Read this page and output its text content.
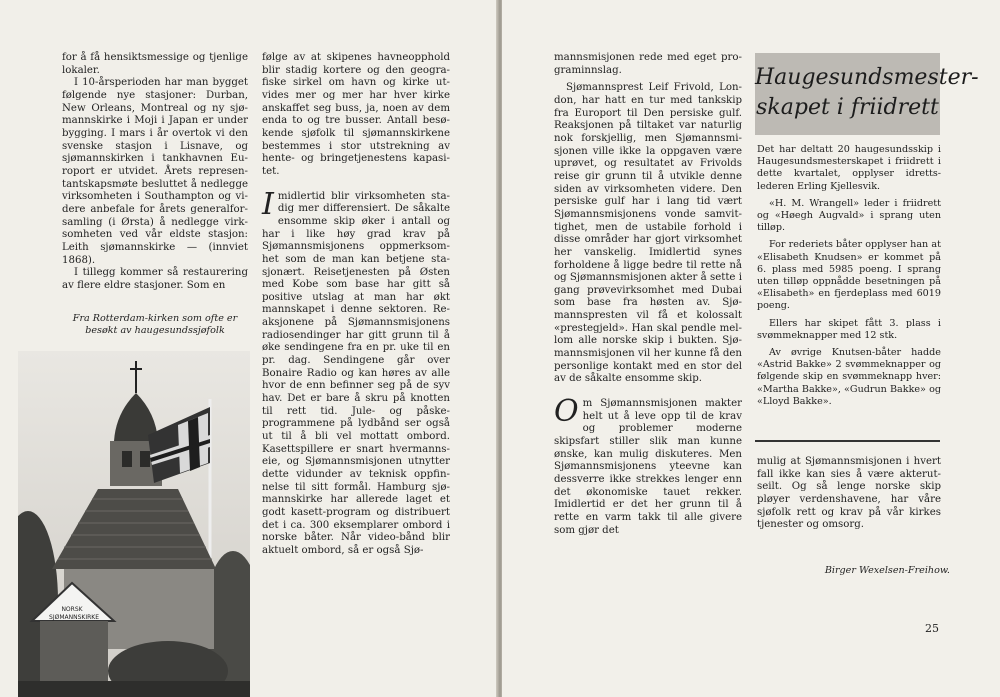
for å få hensiktsmessige og tjenlige lokaler.

I 10-årsperioden har man bygget følgende nye stasjoner: Durban, New Orleans, Montreal og ny sjømannskirke i Moji i Japan er under bygging. I mars i år overtok vi den svenske stasjon i Lisnave, og sjømannskirken i tankhavnen Europort er utvidet. Årets representantskapsmøte besluttet å nedlegge virksomheten i Southampton og videre anbefale for årets generalforsamling (i Ørsta) å nedlegge virksomheten ved vår eldste stasjon: Leith sjømannskirke — (innviet 1868).

I tillegg kommer så restaurering av flere eldre stasjoner. Som en

Fra Rotterdam-kirken som ofte er besøkt av haugesundssjøfolk
NORSK
SJØMANNSKIRKE

følge av at skipenes havneopphold blir stadig kortere og den geografiske sirkel om havn og kirke utvides mer og mer har hver kirke anskaffet seg buss, ja, noen av dem enda to og tre busser. Antall besøkende sjøfolk til sjømannskirkene bestemmes i stor utstrekning av hente- og bringetjenestens kapasitet.

Imidlertid blir virksomheten stadig mer differensiert. De såkalte ensomme skip øker i antall og har i like høy grad krav på Sjømannsmisjonens oppmerksomhet som de man kan betjene stasjonært. Reisetjenesten på Østen med Kobe som base har gitt så positive utslag at man har økt mannskapet i denne sektoren. Reaksjonene på Sjømannsmisjonens radiosendinger har gitt grunn til å øke sendingene fra en pr. uke til en pr. dag. Sendingene går over Bonaire Radio og kan høres av alle hvor de enn befinner seg på de syv hav. Det er bare å skru på knotten til rett tid. Jule- og påskeprogrammene på lydbånd ser også ut til å bli vel mottatt ombord. Kasettspillere er snart hvermannseie, og Sjømannsmisjonen utnytter dette vidunder av teknisk oppfinnelse til sitt formål. Hamburg sjømannskirke har allerede laget et godt kasett-program og distribuert det i ca. 300 eksemplarer ombord i norske båter. Når video-bånd blir aktuelt ombord, så er også Sjø-

mannsmisjonen rede med eget programinnslag.

Sjømannsprest Leif Frivold, London, har hatt en tur med tankskip fra Europort til Den persiske gulf. Reaksjonen på tiltaket var naturlig nok forskjellig, men Sjømannsmisjonen ville ikke la oppgaven være uprøvet, og resultatet av Frivolds reise gir grunn til å utvikle denne siden av virksomheten videre. Den persiske gulf har i lang tid vært Sjømannsmisjonens vonde samvittighet, men de ustabile forhold i disse områder har gjort virksomhet her vanskelig. Imidlertid synes forholdene å ligge bedre til rette nå og Sjømannsmisjonen akter å sette i gang prøvevirksomhet med Dubai som base fra høsten av. Sjømannspresten vil få et kolossalt «prestegjeld». Han skal pendle mellom alle norske skip i bukten. Sjømannsmisjonen vil her kunne få den personlige kontakt med en stor del av de såkalte ensomme skip.

Om Sjømannsmisjonen makter helt ut å leve opp til de krav og problemer moderne skipsfart stiller slik man kunne ønske, kan mulig diskuteres. Men Sjømannsmisjonens yteevne kan dessverre ikke strekkes lenger enn det økonomiske tauet rekker. Imidlertid er det her grunn til å rette en varm takk til alle givere som gjør det

Haugesundsmester-
skapet i friidrett

Det har deltatt 20 haugesundsskip i Haugesundsmesterskapet i friidrett i dette kvartalet, opplyser idrettslederen Erling Kjellesvik.

«H. M. Wrangell» leder i friidrett og «Høegh Augvald» i sprang uten tilløp.

For rederiets båter opplyser han at «Elisabeth Knudsen» er kommet på 6. plass med 5985 poeng. I sprang uten tilløp oppnådde besetningen på «Elisabeth» en fjerdeplass med 6019 poeng.

Ellers har skipet fått 3. plass i svømmeknapper med 12 stk.

Av øvrige Knutsen-båter hadde «Astrid Bakke» 2 svømmeknapper og følgende skip en svømmeknapp hver: «Martha Bakke», «Gudrun Bakke» og «Lloyd Bakke».

mulig at Sjømannsmisjonen i hvert fall ikke kan sies å være akterutseilt. Og så lenge norske skip pløyer verdenshavene, har våre sjøfolk rett og krav på vår kirkes tjenester og omsorg.

Birger Wexelsen-Freihow.
25
